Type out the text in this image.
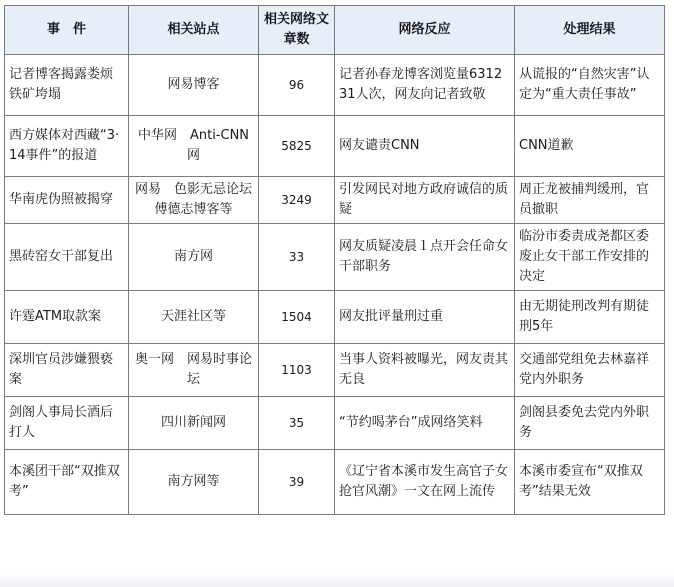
事　件	相关站点	相关网络文章数	网络反应	处理结果
记者博客揭露娄烦铁矿垮塌	网易博客	96	记者孙春龙博客浏览量631231人次，网友向记者致敬	从谎报的“自然灾害”认定为“重大责任事故”
西方媒体对西藏“3·14事件”的报道	中华网　Anti-CNN网	5825	网友谴责CNN	CNN道歉
华南虎伪照被揭穿	网易　色影无忌论坛傅德志博客等	3249	引发网民对地方政府诚信的质疑	周正龙被捕判缓刑，官员撤职
黑砖窑女干部复出	南方网	33	网友质疑凌晨１点开会任命女干部职务	临汾市委责成尧都区委废止女干部工作安排的决定
许霆ATM取款案	天涯社区等	1504	网友批评量刑过重	由无期徒刑改判有期徒刑5年
深圳官员涉嫌猥亵案	奥一网　网易时事论坛	1103	当事人资料被曝光，网友责其无良	交通部党组免去林嘉祥党内外职务
剑阁人事局长酒后打人	四川新闻网	35	“节约喝茅台”成网络笑料	剑阁县委免去党内外职务
本溪团干部“双推双考”	南方网等	39	《辽宁省本溪市发生高官子女抢官风潮》一文在网上流传	本溪市委宣布“双推双考”结果无效
